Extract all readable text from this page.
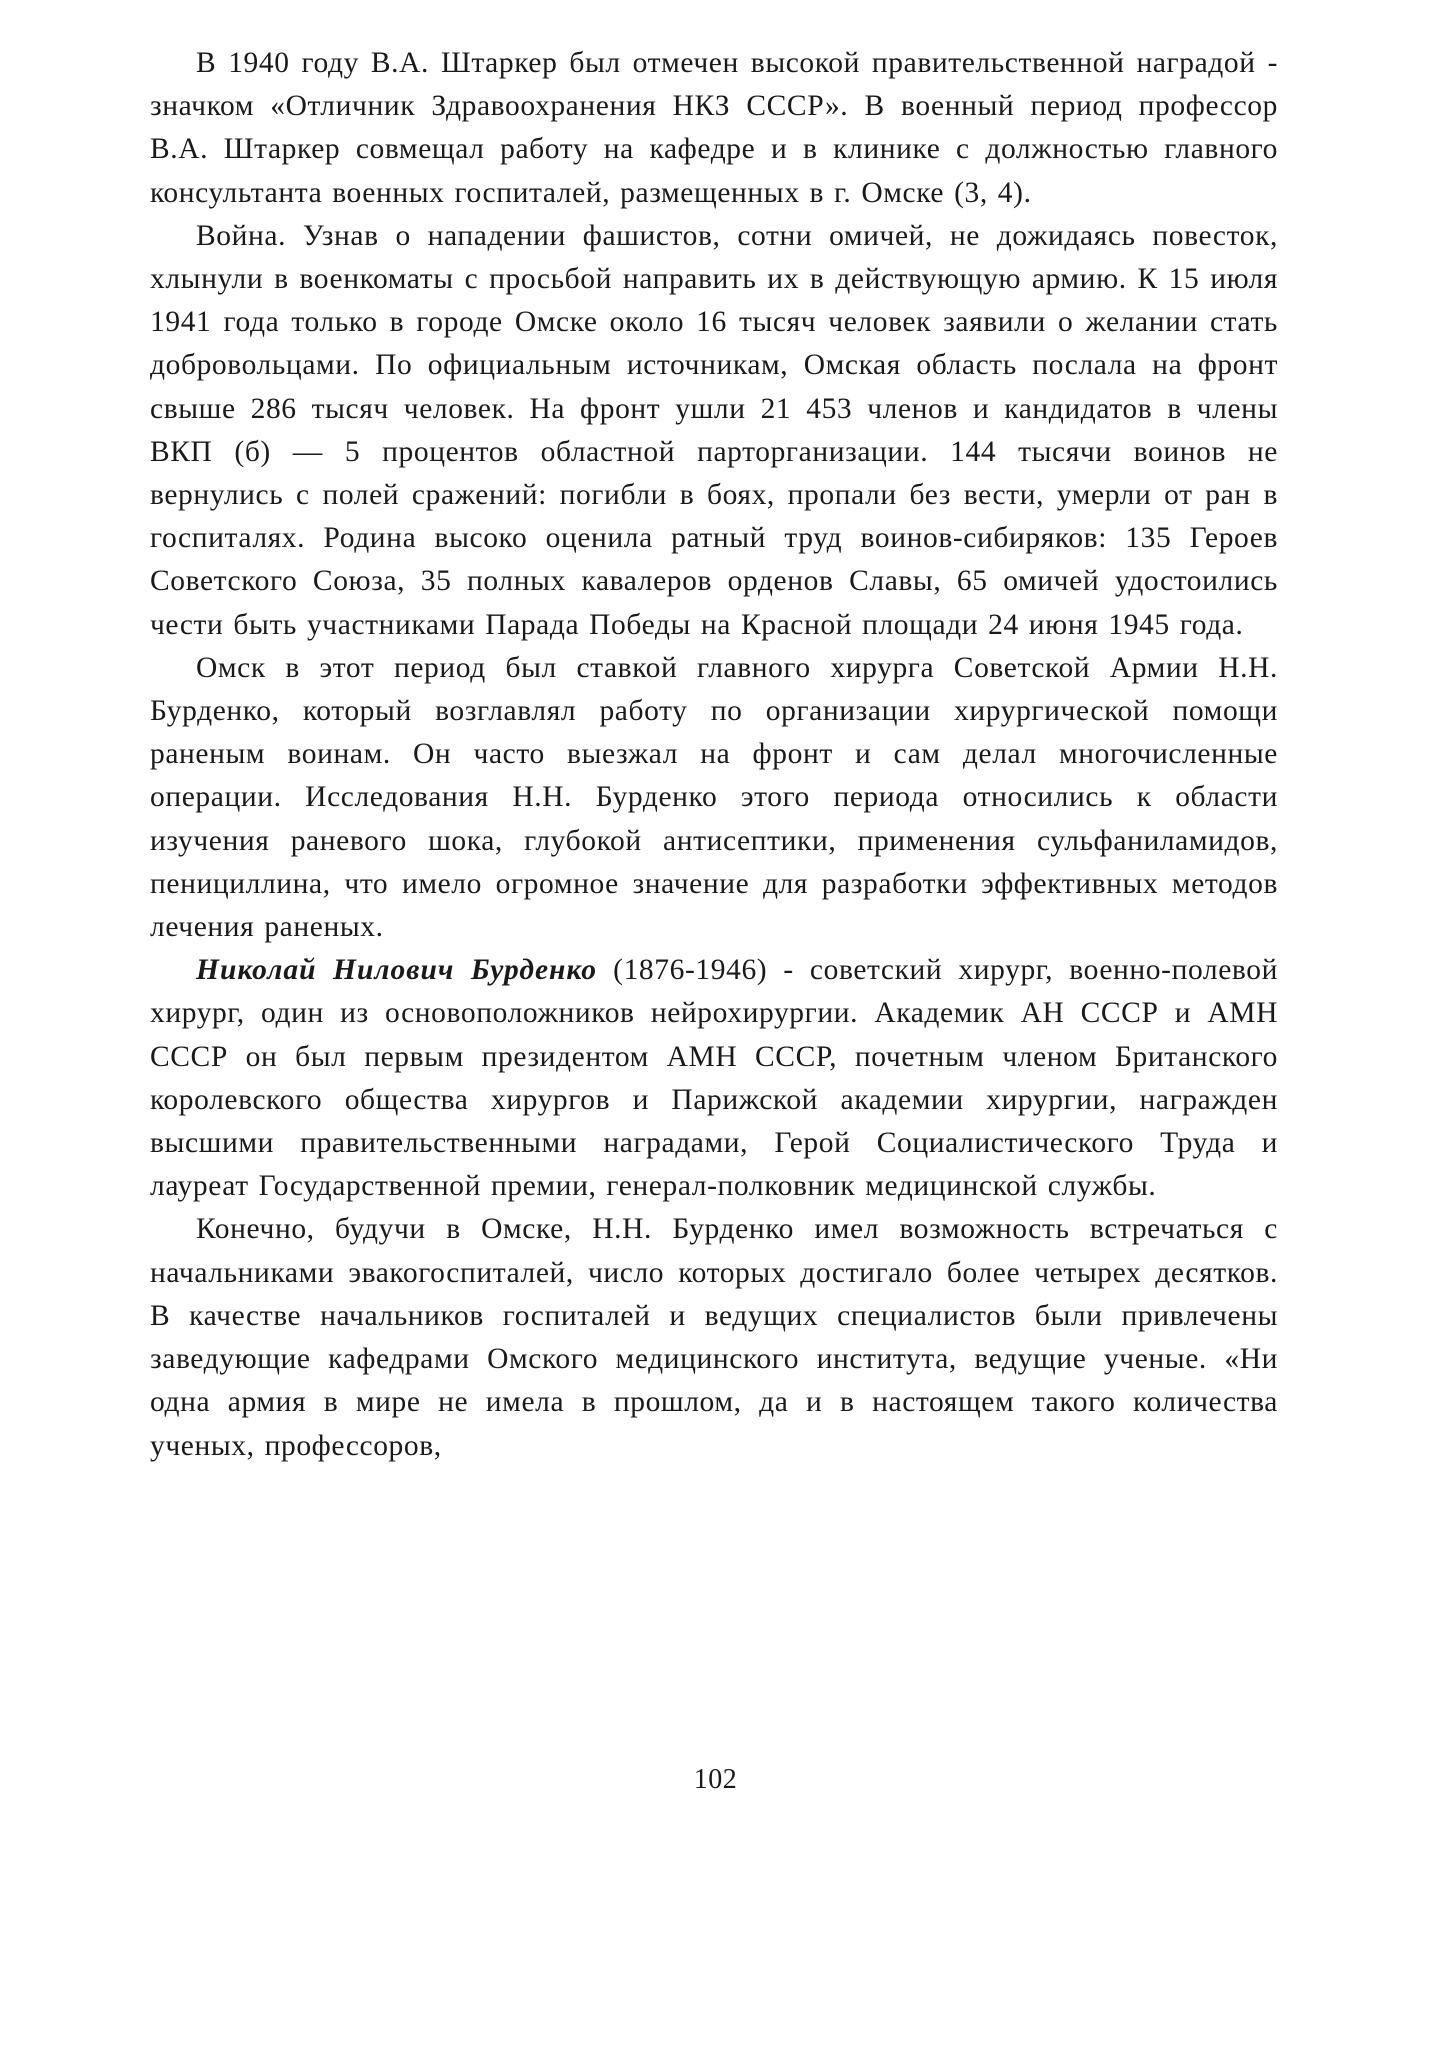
В 1940 году В.А. Штаркер был отмечен высокой правительственной наградой - значком «Отличник Здравоохранения НКЗ СССР». В военный период профессор В.А. Штаркер совмещал работу на кафедре и в клинике с должностью главного консультанта военных госпиталей, размещенных в г. Омске (3, 4).

Война. Узнав о нападении фашистов, сотни омичей, не дожидаясь повесток, хлынули в военкоматы с просьбой направить их в действующую армию. К 15 июля 1941 года только в городе Омске около 16 тысяч человек заявили о желании стать добровольцами. По официальным источникам, Омская область послала на фронт свыше 286 тысяч человек. На фронт ушли 21 453 членов и кандидатов в члены ВКП (б) — 5 процентов областной парторганизации. 144 тысячи воинов не вернулись с полей сражений: погибли в боях, пропали без вести, умерли от ран в госпиталях. Родина высоко оценила ратный труд воинов-сибиряков: 135 Героев Советского Союза, 35 полных кавалеров орденов Славы, 65 омичей удостоились чести быть участниками Парада Победы на Красной площади 24 июня 1945 года.

Омск в этот период был ставкой главного хирурга Советской Армии Н.Н. Бурденко, который возглавлял работу по организации хирургической помощи раненым воинам. Он часто выезжал на фронт и сам делал многочисленные операции. Исследования Н.Н. Бурденко этого периода относились к области изучения раневого шока, глубокой антисептики, применения сульфаниламидов, пенициллина, что имело огромное значение для разработки эффективных методов лечения раненых.

Николай Нилович Бурденко (1876-1946) - советский хирург, военно-полевой хирург, один из основоположников нейрохирургии. Академик АН СССР и АМН СССР он был первым президентом АМН СССР, почетным членом Британского королевского общества хирургов и Парижской академии хирургии, награжден высшими правительственными наградами, Герой Социалистического Труда и лауреат Государственной премии, генерал-полковник медицинской службы.

Конечно, будучи в Омске, Н.Н. Бурденко имел возможность встречаться с начальниками эвакогоспиталей, число которых достигало более четырех десятков. В качестве начальников госпиталей и ведущих специалистов были привлечены заведующие кафедрами Омского медицинского института, ведущие ученые. «Ни одна армия в мире не имела в прошлом, да и в настоящем такого количества ученых, профессоров,

102
